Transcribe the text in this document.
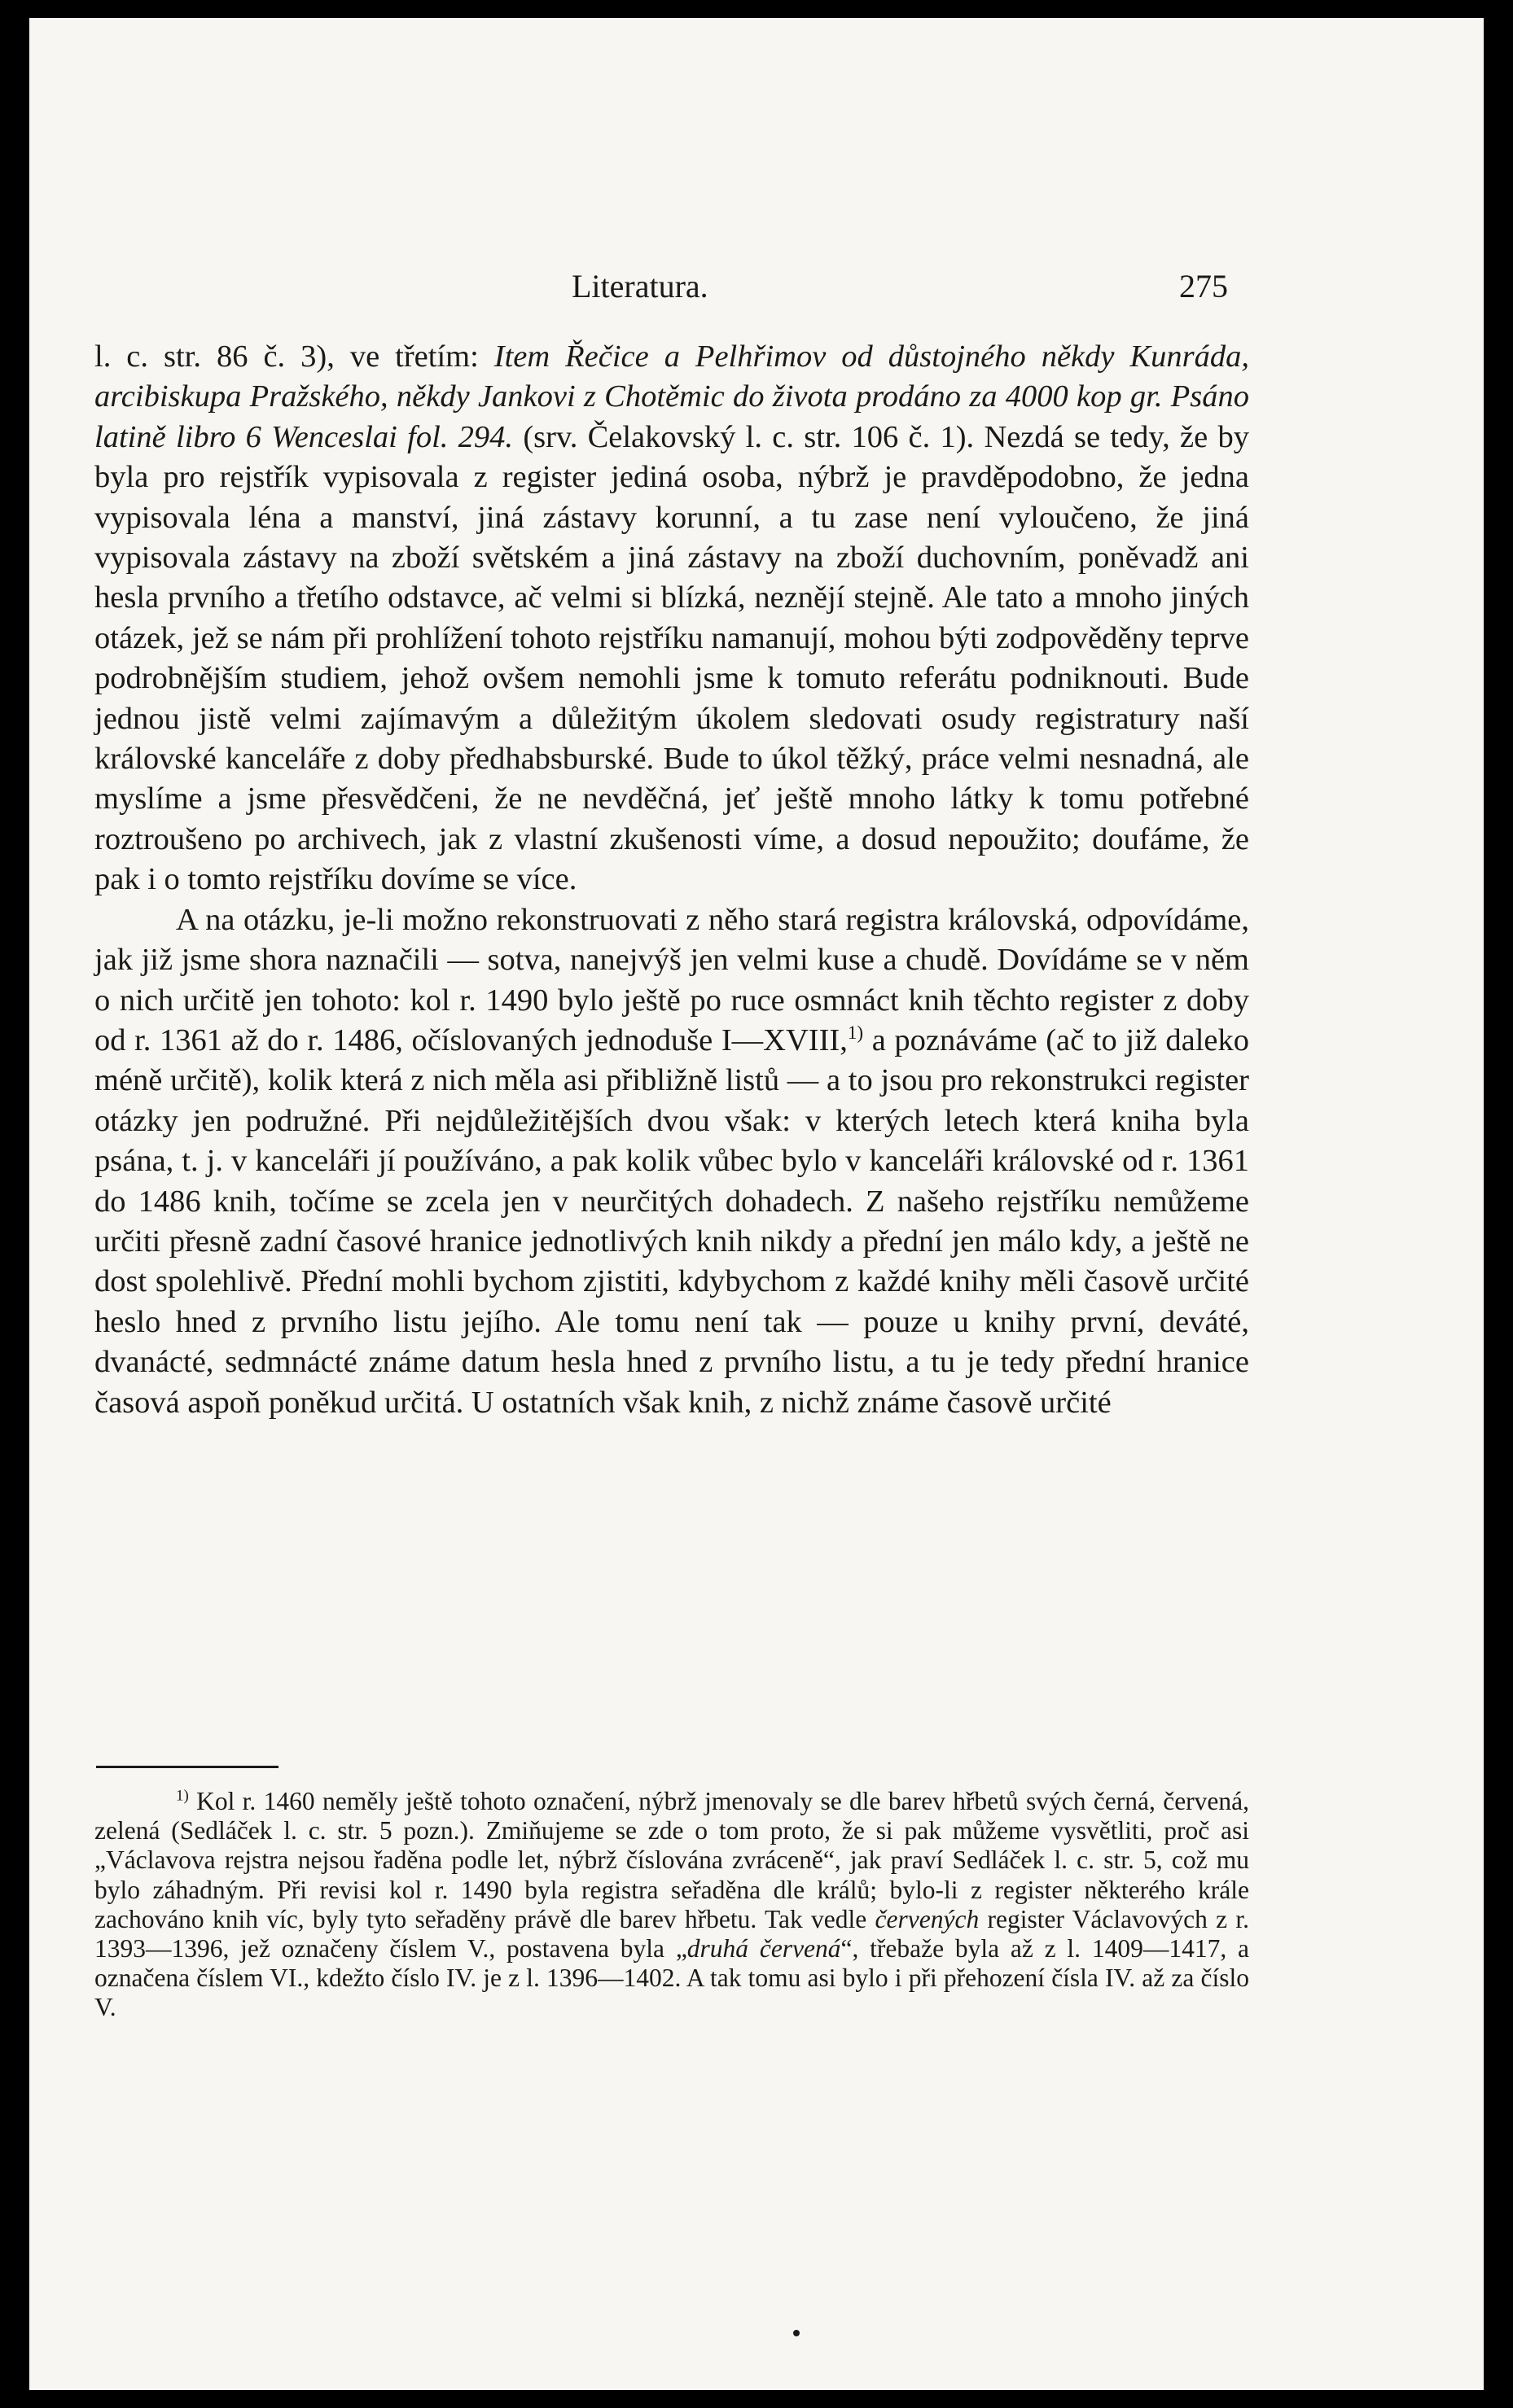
Literatura.	275

l. c. str. 86 č. 3), ve třetím: Item Řečice a Pelhřimov od důstojného někdy Kunráda, arcibiskupa Pražského, někdy Jankovi z Chotěmic do života prodáno za 4000 kop gr. Psáno latině libro 6 Wenceslai fol. 294. (srv. Čelakovský l. c. str. 106 č. 1). Nezdá se tedy, že by byla pro rejstřík vypisovala z register jediná osoba, nýbrž je pravděpodobno, že jedna vypisovala léna a manství, jiná zástavy korunní, a tu zase není vyloučeno, že jiná vypisovala zástavy na zboží světském a jiná zástavy na zboží duchovním, poněvadž ani hesla prvního a třetího odstavce, ač velmi si blízká, neznějí stejně. Ale tato a mnoho jiných otázek, jež se nám při prohlížení tohoto rejstříku namanují, mohou býti zodpověděny teprve podrobnějším studiem, jehož ovšem nemohli jsme k tomuto referátu podniknouti. Bude jednou jistě velmi zajímavým a důležitým úkolem sledovati osudy registratury naší královské kanceláře z doby předhabsburské. Bude to úkol těžký, práce velmi nesnadná, ale myslíme a jsme přesvědčeni, že ne nevděčná, jeť ještě mnoho látky k tomu potřebné roztroušeno po archivech, jak z vlastní zkušenosti víme, a dosud nepoužito; doufáme, že pak i o tomto rejstříku dovíme se více.

A na otázku, je-li možno rekonstruovati z něho stará registra královská, odpovídáme, jak již jsme shora naznačili — sotva, nanejvýš jen velmi kuse a chudě. Dovídáme se v něm o nich určitě jen tohoto: kol r. 1490 bylo ještě po ruce osmnáct knih těchto register z doby od r. 1361 až do r. 1486, očíslovaných jednoduše I—XVIII,$^{1)}$ a poznáváme (ač to již daleko méně určitě), kolik která z nich měla asi přibližně listů — a to jsou pro rekonstrukci register otázky jen podružné. Při nejdůležitějších dvou však: v kterých letech která kniha byla psána, t. j. v kanceláři jí používáno, a pak kolik vůbec bylo v kanceláři královské od r. 1361 do 1486 knih, točíme se zcela jen v neurčitých dohadech. Z našeho rejstříku nemůžeme určiti přesně zadní časové hranice jednotlivých knih nikdy a přední jen málo kdy, a ještě ne dost spolehlivě. Přední mohli bychom zjistiti, kdybychom z každé knihy měli časově určité heslo hned z prvního listu jejího. Ale tomu není tak — pouze u knihy první, deváté, dvanácté, sedmnácté známe datum hesla hned z prvního listu, a tu je tedy přední hranice časová aspoň poněkud určitá. U ostatních však knih, z nichž známe časově určité

$^{1)}$ Kol r. 1460 neměly ještě tohoto označení, nýbrž jmenovaly se dle barev hřbetů svých černá, červená, zelená (Sedláček l. c. str. 5 pozn.). Zmiňujeme se zde o tom proto, že si pak můžeme vysvětliti, proč asi „Václavova rejstra nejsou řaděna podle let, nýbrž číslována zvráceně“, jak praví Sedláček l. c. str. 5, což mu bylo záhadným. Při revisi kol r. 1490 byla registra seřaděna dle králů; bylo-li z register některého krále zachováno knih víc, byly tyto seřaděny právě dle barev hřbetu. Tak vedle červených register Václavových z r. 1393—1396, jež označeny číslem V., postavena byla „druhá červená“, třebaže byla až z l. 1409—1417, a označena číslem VI., kdežto číslo IV. je z l. 1396—1402. A tak tomu asi bylo i při přehození čísla IV. až za číslo V.
